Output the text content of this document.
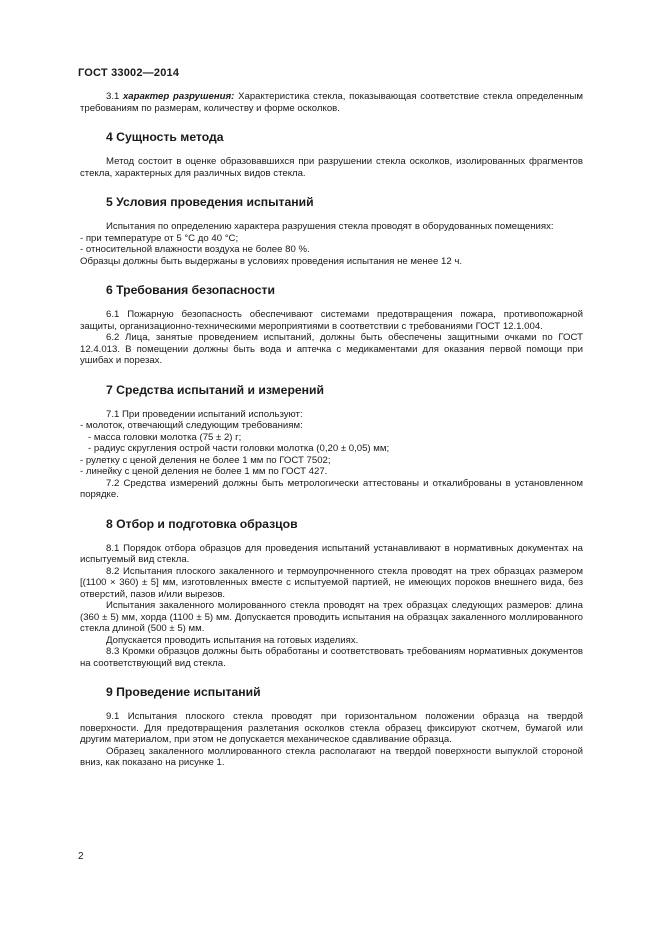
ГОСТ 33002—2014

3.1 характер разрушения: Характеристика стекла, показывающая соответствие стекла определенным требованиям по размерам, количеству и форме осколков.

4 Сущность метода

Метод состоит в оценке образовавшихся при разрушении стекла осколков, изолированных фрагментов стекла, характерных для различных видов стекла.

5 Условия проведения испытаний

Испытания по определению характера разрушения стекла проводят в оборудованных помещениях:

- при температуре от 5 °С до 40 °С;

- относительной влажности воздуха не более 80 %.

Образцы должны быть выдержаны в условиях проведения испытания не менее 12 ч.

6 Требования безопасности

6.1 Пожарную безопасность обеспечивают системами предотвращения пожара, противопожарной защиты, организационно-техническими мероприятиями в соответствии с требованиями ГОСТ 12.1.004.

6.2 Лица, занятые проведением испытаний, должны быть обеспечены защитными очками по ГОСТ 12.4.013. В помещении должны быть вода и аптечка с медикаментами для оказания первой помощи при ушибах и порезах.

7 Средства испытаний и измерений

7.1 При проведении испытаний используют:

- молоток, отвечающий следующим требованиям:

- масса головки молотка (75 ± 2) г;

- радиус скругления острой части головки молотка (0,20 ± 0,05) мм;

- рулетку с ценой деления не более 1 мм по ГОСТ 7502;

- линейку с ценой деления не более 1 мм по ГОСТ 427.

7.2 Средства измерений должны быть метрологически аттестованы и откалиброваны в установленном порядке.

8 Отбор и подготовка образцов

8.1 Порядок отбора образцов для проведения испытаний устанавливают в нормативных документах на испытуемый вид стекла.

8.2 Испытания плоского закаленного и термоупрочненного стекла проводят на трех образцах размером [(1100 × 360) ± 5] мм, изготовленных вместе с испытуемой партией, не имеющих пороков внешнего вида, без отверстий, пазов и/или вырезов.

Испытания закаленного молированного стекла проводят на трех образцах следующих размеров: длина (360 ± 5) мм, хорда (1100 ± 5) мм. Допускается проводить испытания на образцах закаленного моллированного стекла длиной (500 ± 5) мм.

Допускается проводить испытания на готовых изделиях.

8.3 Кромки образцов должны быть обработаны и соответствовать требованиям нормативных документов на соответствующий вид стекла.

9 Проведение испытаний

9.1 Испытания плоского стекла проводят при горизонтальном положении образца на твердой поверхности. Для предотвращения разлетания осколков стекла образец фиксируют скотчем, бумагой или другим материалом, при этом не допускается механическое сдавливание образца.

Образец закаленного моллированного стекла располагают на твердой поверхности выпуклой стороной вниз, как показано на рисунке 1.

2
